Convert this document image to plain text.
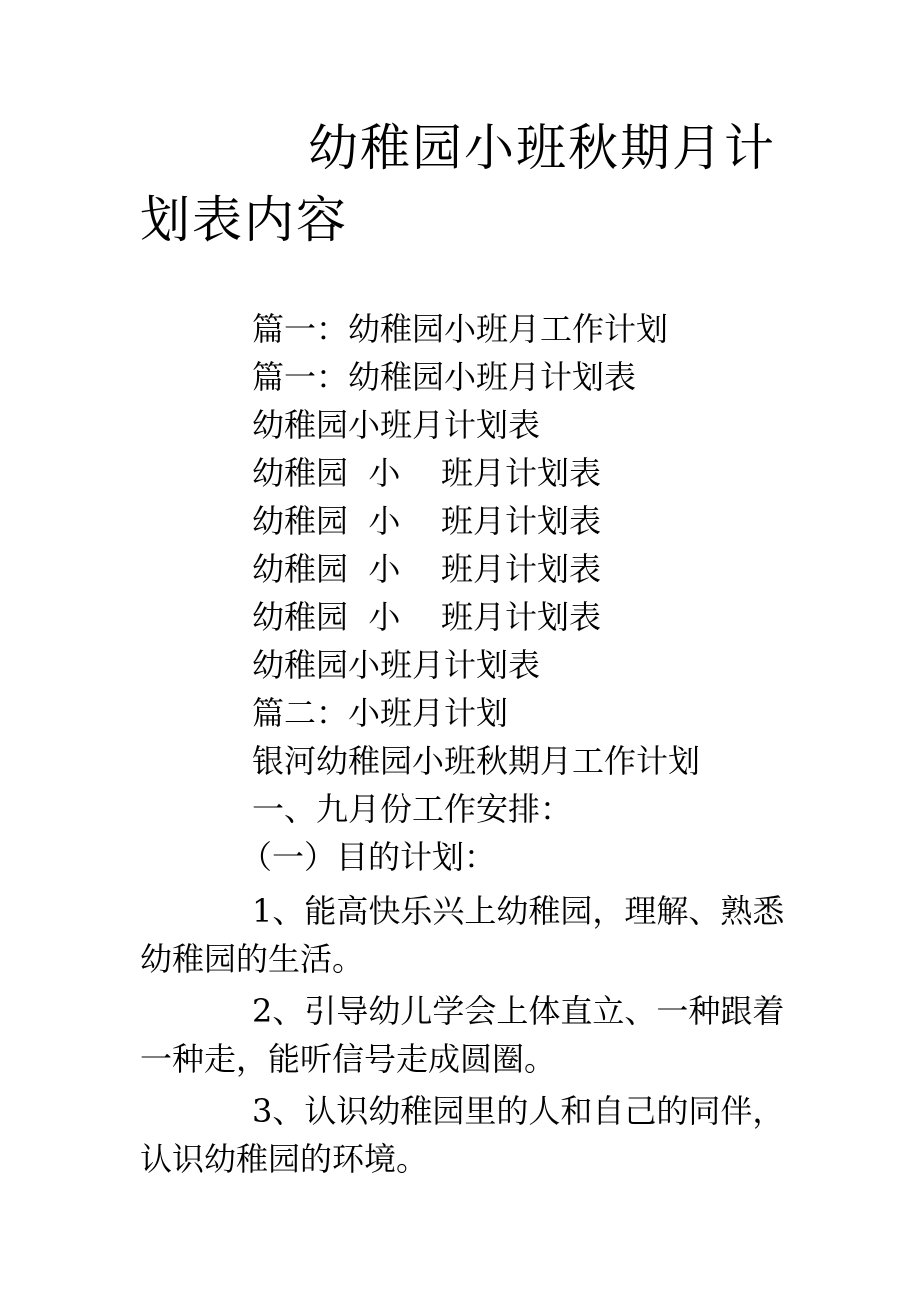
幼稚园小班秋期月计划表内容
篇一：幼稚园小班月工作计划
篇一：幼稚园小班月计划表
幼稚园小班月计划表
幼稚园  小    班月计划表
幼稚园  小    班月计划表
幼稚园  小    班月计划表
幼稚园  小    班月计划表
幼稚园小班月计划表
篇二：小班月计划
银河幼稚园小班秋期月工作计划
一、九月份工作安排：
（一）目的计划：
1、能高快乐兴上幼稚园，理解、熟悉幼稚园的生活。
2、引导幼儿学会上体直立、一种跟着一种走，能听信号走成圆圈。
3、认识幼稚园里的人和自己的同伴，认识幼稚园的环境。
